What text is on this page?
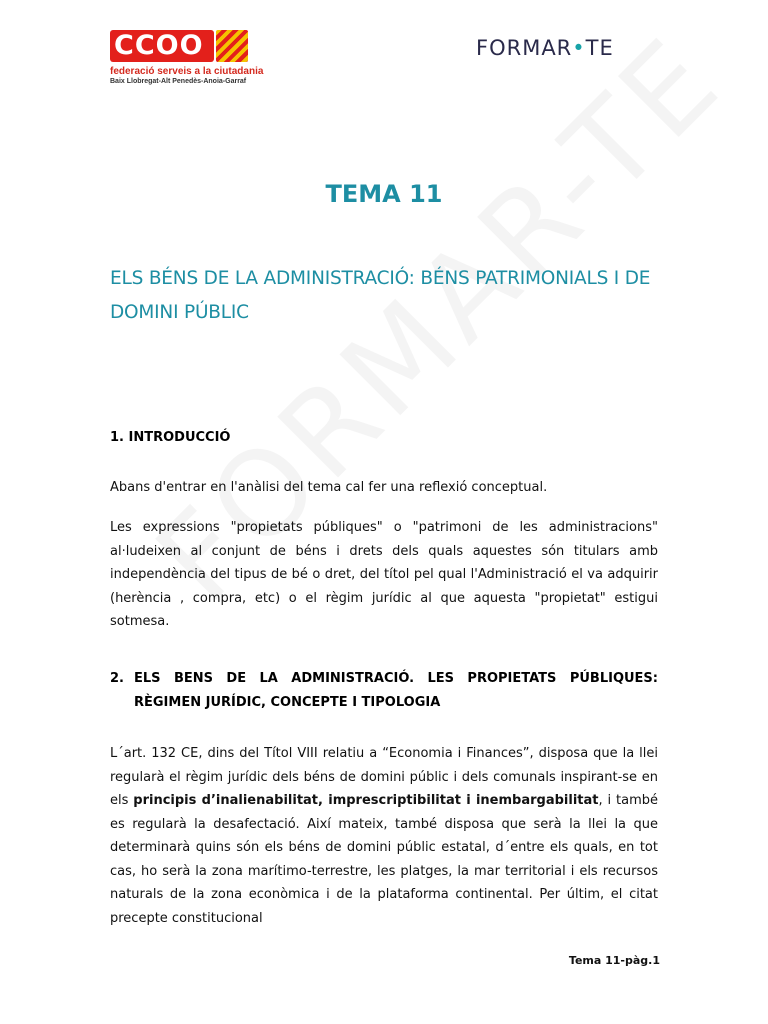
CCOO
federació serveis a la ciutadania
Baix Llobregat-Alt Penedès-Anoia-Garraf
FORMAR•TE
TEMA 11

ELS BÉNS DE LA ADMINISTRACIÓ: BÉNS PATRIMONIALS I DE DOMINI PÚBLIC

1. INTRODUCCIÓ

Abans d'entrar en l'anàlisi del tema cal fer una reflexió conceptual.

Les expressions "propietats públiques" o "patrimoni de les administracions" al·ludeixen al conjunt de béns i drets dels quals aquestes són titulars amb independència del tipus de bé o dret, del títol pel qual l'Administració el va adquirir (herència , compra, etc) o el règim jurídic al que aquesta "propietat" estigui sotmesa.

2. ELS BENS DE LA ADMINISTRACIÓ. LES PROPIETATS PÚBLIQUES: RÈGIMEN JURÍDIC, CONCEPTE I TIPOLOGIA

L´art. 132 CE, dins del Títol VIII relatiu a “Economia i Finances”, disposa que la llei regularà el règim jurídic dels béns de domini públic i dels comunals inspirant-se en els principis d’inalienabilitat, imprescriptibilitat i inembargabilitat, i també es regularà la desafectació. Així mateix, també disposa que serà la llei la que determinarà quins són els béns de domini públic estatal, d´entre els quals, en tot cas, ho serà la zona marítimo-terrestre, les platges, la mar territorial i els recursos naturals de la zona econòmica i de la plataforma continental. Per últim, el citat precepte constitucional

Tema 11-pàg.1
